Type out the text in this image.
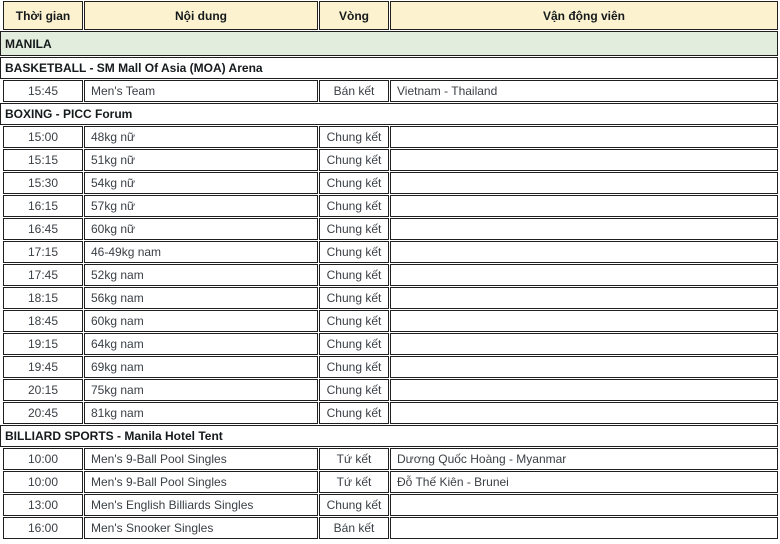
Thời gian	Nội dung	Vòng	Vận động viên
MANILA
BASKETBALL - SM Mall Of Asia (MOA) Arena
15:45	Men's Team	Bán kết	Vietnam - Thailand
BOXING - PICC Forum
15:00	48kg nữ	Chung kết
15:15	51kg nữ	Chung kết
15:30	54kg nữ	Chung kết
16:15	57kg nữ	Chung kết
16:45	60kg nữ	Chung kết
17:15	46-49kg nam	Chung kết
17:45	52kg nam	Chung kết
18:15	56kg nam	Chung kết
18:45	60kg nam	Chung kết
19:15	64kg nam	Chung kết
19:45	69kg nam	Chung kết
20:15	75kg nam	Chung kết
20:45	81kg nam	Chung kết
BILLIARD SPORTS - Manila Hotel Tent
10:00	Men's 9-Ball Pool Singles	Tứ kết	Dương Quốc Hoàng - Myanmar
10:00	Men's 9-Ball Pool Singles	Tứ kết	Đỗ Thế Kiên - Brunei
13:00	Men's English Billiards Singles	Chung kết
16:00	Men's Snooker Singles	Bán kết
